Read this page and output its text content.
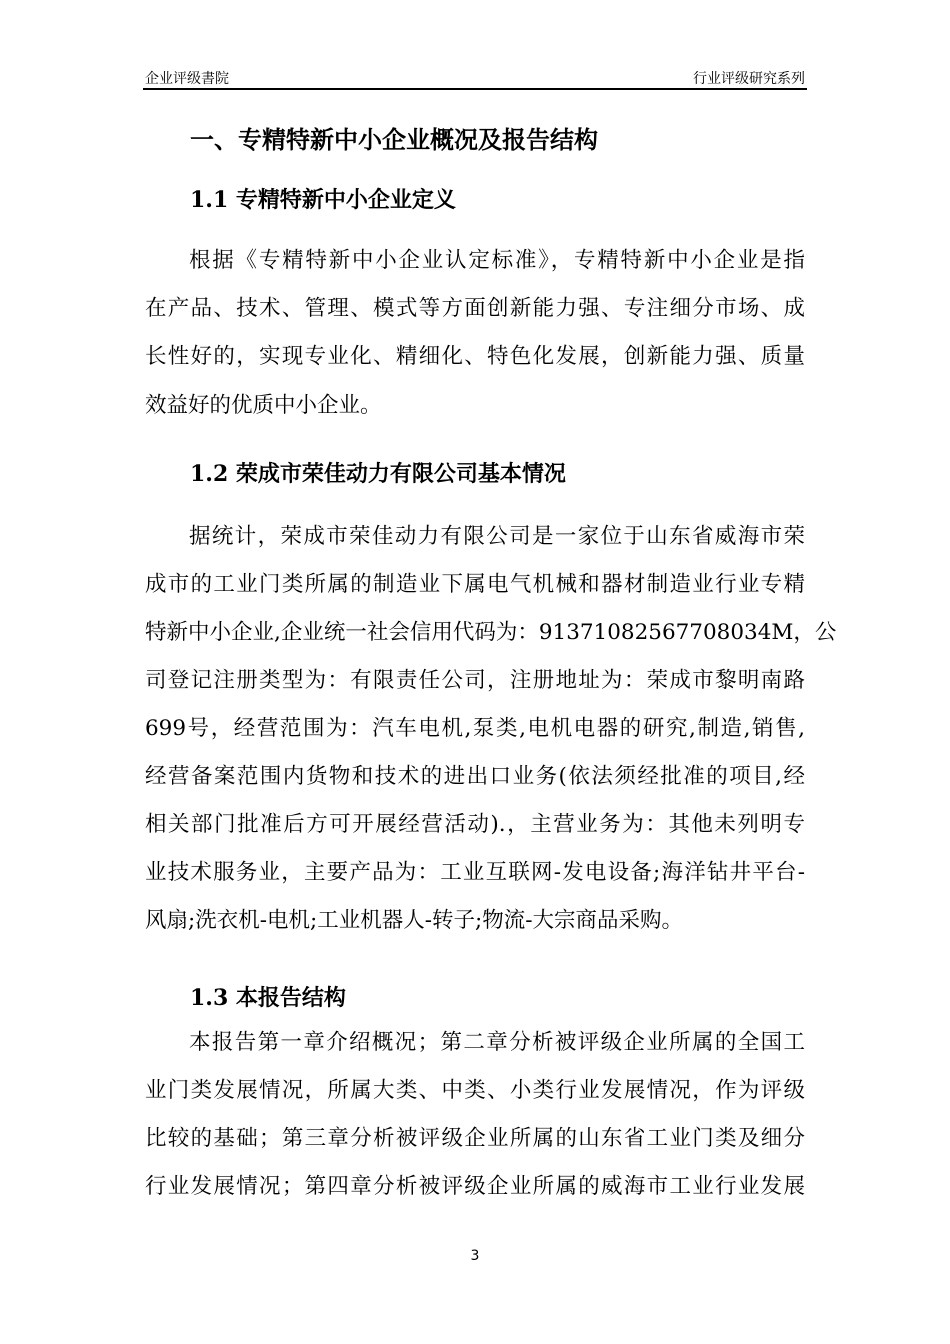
企业评级書院	行业评级研究系列
一、专精特新中小企业概况及报告结构
1.1 专精特新中小企业定义
根据《专精特新中小企业认定标准》，专精特新中小企业是指
在产品、技术、管理、模式等方面创新能力强、专注细分市场、成
长性好的，实现专业化、精细化、特色化发展，创新能力强、质量
效益好的优质中小企业。
1.2 荣成市荣佳动力有限公司基本情况
据统计，荣成市荣佳动力有限公司是一家位于山东省威海市荣
成市的工业门类所属的制造业下属电气机械和器材制造业行业专精
特新中小企业,企业统一社会信用代码为：91371082567708034M，公
司登记注册类型为：有限责任公司，注册地址为：荣成市黎明南路
699号，经营范围为：汽车电机,泵类,电机电器的研究,制造,销售,
经营备案范围内货物和技术的进出口业务(依法须经批准的项目,经
相关部门批准后方可开展经营活动).，主营业务为：其他未列明专
业技术服务业，主要产品为：工业互联网-发电设备;海洋钻井平台-
风扇;洗衣机-电机;工业机器人-转子;物流-大宗商品采购。
1.3 本报告结构
本报告第一章介绍概况；第二章分析被评级企业所属的全国工
业门类发展情况，所属大类、中类、小类行业发展情况，作为评级
比较的基础；第三章分析被评级企业所属的山东省工业门类及细分
行业发展情况；第四章分析被评级企业所属的威海市工业行业发展
3
